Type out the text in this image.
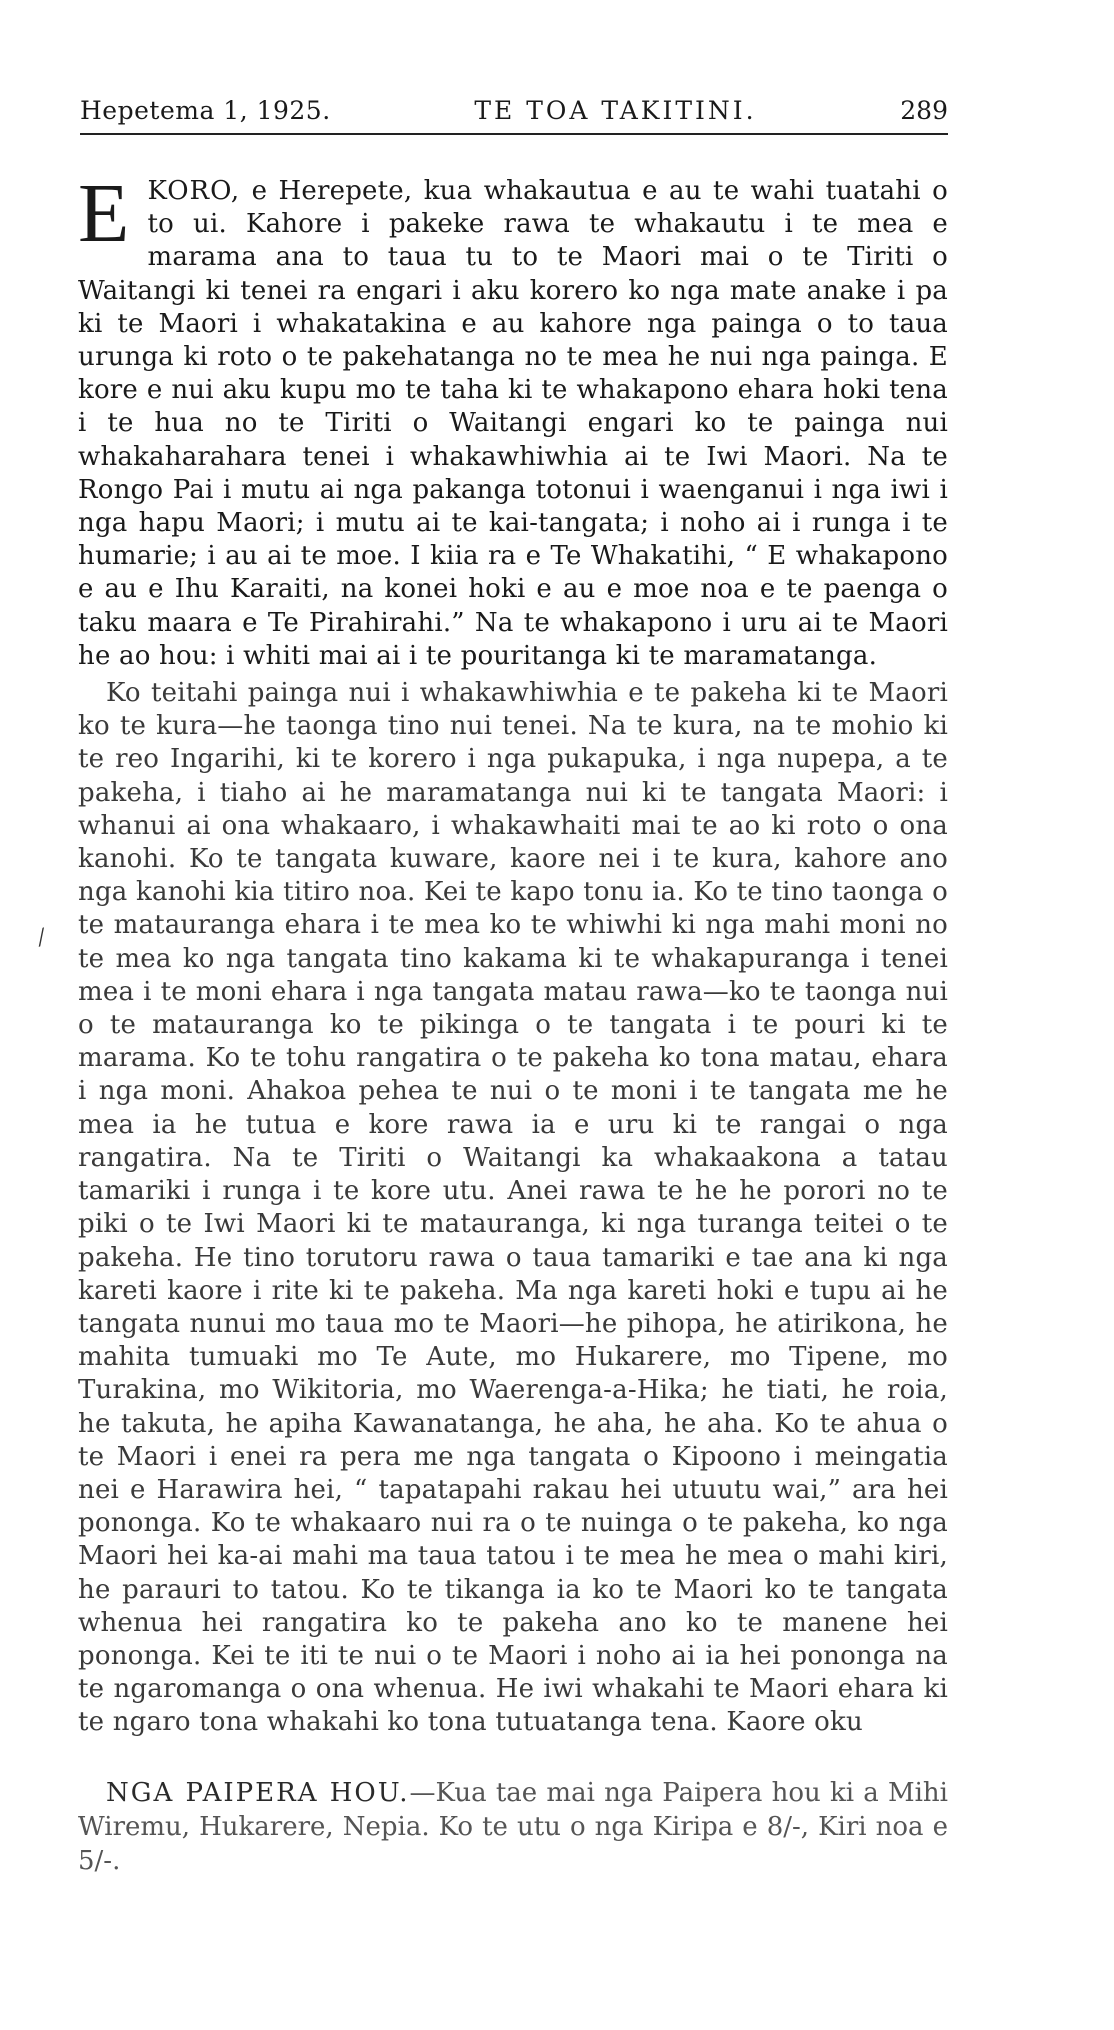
Hepetema 1, 1925.	TE TOA TAKITINI.	289
⁄

EKORO, e Herepete, kua whakautua e au te wahi tuatahi o to ui. Kahore i pakeke rawa te whakautu i te mea e marama ana to taua tu to te Maori mai o te Tiriti o Waitangi ki tenei ra engari i aku korero ko nga mate anake i pa ki te Maori i whakatakina e au kahore nga painga o to taua urunga ki roto o te pakehatanga no te mea he nui nga painga. E kore e nui aku kupu mo te taha ki te whakapono ehara hoki tena i te hua no te Tiriti o Waitangi engari ko te painga nui whakaharahara tenei i whakawhiwhia ai te Iwi Maori. Na te Rongo Pai i mutu ai nga pakanga totonui i waenganui i nga iwi i nga hapu Maori; i mutu ai te kai-tangata; i noho ai i runga i te humarie; i au ai te moe. I kiia ra e Te Whakatihi, “ E whakapono e au e Ihu Karaiti, na konei hoki e au e moe noa e te paenga o taku maara e Te Pirahirahi.” Na te whakapono i uru ai te Maori he ao hou: i whiti mai ai i te pouritanga ki te maramatanga.

Ko teitahi painga nui i whakawhiwhia e te pakeha ki te Maori ko te kura—he taonga tino nui tenei. Na te kura, na te mohio ki te reo Ingarihi, ki te korero i nga pukapuka, i nga nupepa, a te pakeha, i tiaho ai he maramatanga nui ki te tangata Maori: i whanui ai ona whakaaro, i whakawhaiti mai te ao ki roto o ona kanohi. Ko te tangata kuware, kaore nei i te kura, kahore ano nga kanohi kia titiro noa. Kei te kapo tonu ia. Ko te tino taonga o te matauranga ehara i te mea ko te whiwhi ki nga mahi moni no te mea ko nga tangata tino kakama ki te whakapuranga i tenei mea i te moni ehara i nga tangata matau rawa—ko te taonga nui o te matauranga ko te pikinga o te tangata i te pouri ki te marama. Ko te tohu rangatira o te pakeha ko tona matau, ehara i nga moni. Ahakoa pehea te nui o te moni i te tangata me he mea ia he tutua e kore rawa ia e uru ki te rangai o nga rangatira. Na te Tiriti o Waitangi ka whakaakona a tatau tamariki i runga i te kore utu. Anei rawa te he he porori no te piki o te Iwi Maori ki te matauranga, ki nga turanga teitei o te pakeha. He tino torutoru rawa o taua tamariki e tae ana ki nga kareti kaore i rite ki te pakeha. Ma nga kareti hoki e tupu ai he tangata nunui mo taua mo te Maori—he pihopa, he atirikona, he mahita tumuaki mo Te Aute, mo Hukarere, mo Tipene, mo Turakina, mo Wikitoria, mo Waerenga-a-Hika; he tiati, he roia, he takuta, he apiha Kawanatanga, he aha, he aha. Ko te ahua o te Maori i enei ra pera me nga tangata o Kipoono i meingatia nei e Harawira hei, “ tapatapahi rakau hei utuutu wai,” ara hei pononga. Ko te whakaaro nui ra o te nuinga o te pakeha, ko nga Maori hei ka-ai mahi ma taua tatou i te mea he mea o mahi kiri, he parauri to tatou. Ko te tikanga ia ko te Maori ko te tangata whenua hei rangatira ko te pakeha ano ko te manene hei pononga. Kei te iti te nui o te Maori i noho ai ia hei pononga na te ngaromanga o ona whenua. He iwi whakahi te Maori ehara ki te ngaro tona whakahi ko tona tutuatanga tena. Kaore oku

NGA PAIPERA HOU.—Kua tae mai nga Paipera hou ki a Mihi Wiremu, Hukarere, Nepia. Ko te utu o nga Kiripa e 8/-, Kiri noa e 5/-.
